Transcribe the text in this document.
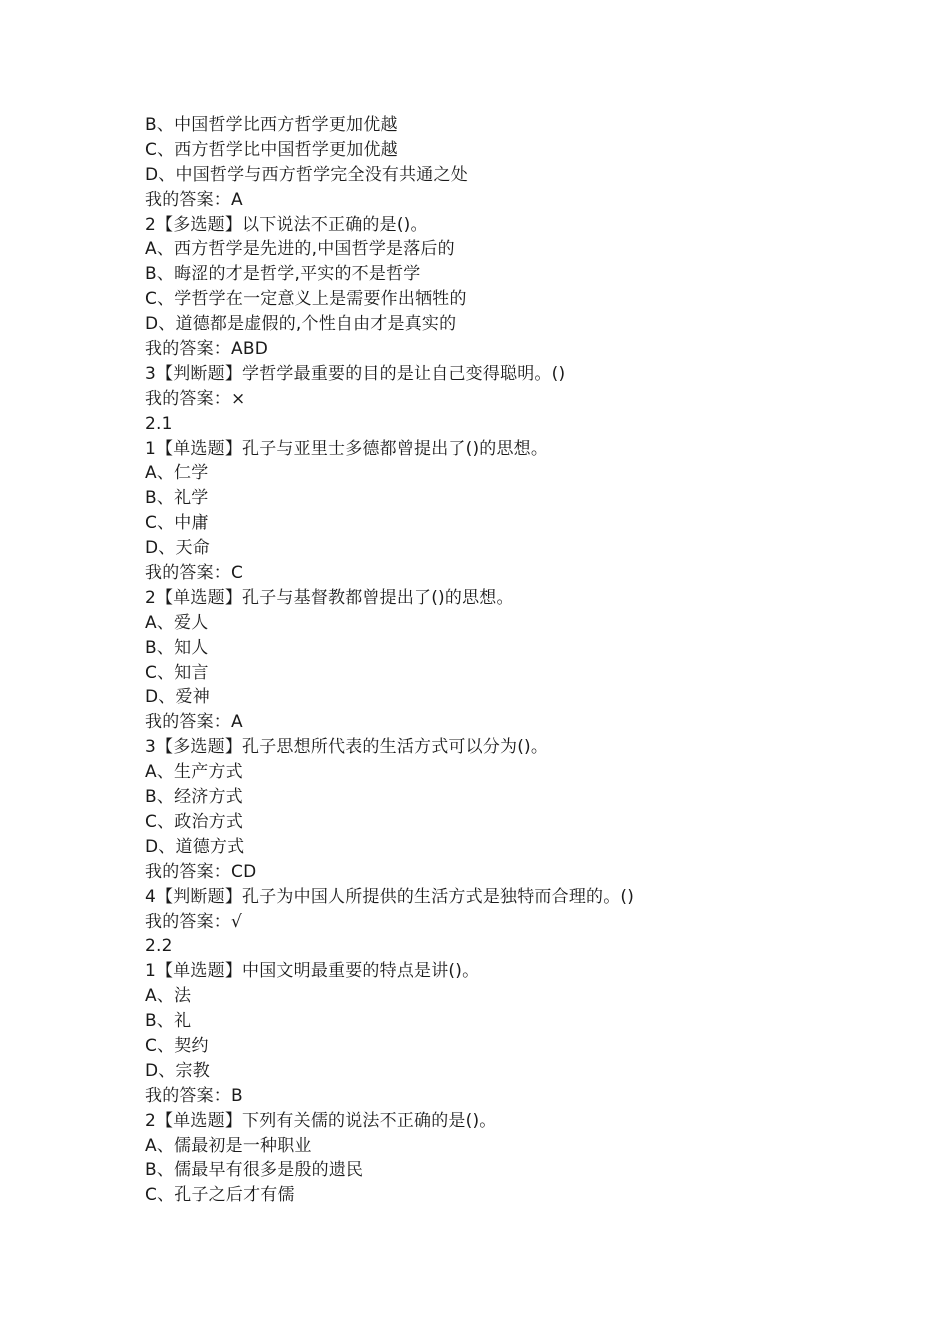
B、中国哲学比西方哲学更加优越
C、西方哲学比中国哲学更加优越
D、中国哲学与西方哲学完全没有共通之处
我的答案：A
2【多选题】以下说法不正确的是()。
A、西方哲学是先进的,中国哲学是落后的
B、晦涩的才是哲学,平实的不是哲学
C、学哲学在一定意义上是需要作出牺牲的
D、道德都是虚假的,个性自由才是真实的
我的答案：ABD
3【判断题】学哲学最重要的目的是让自己变得聪明。()
我的答案：×
2.1
1【单选题】孔子与亚里士多德都曾提出了()的思想。
A、仁学
B、礼学
C、中庸
D、天命
我的答案：C
2【单选题】孔子与基督教都曾提出了()的思想。
A、爱人
B、知人
C、知言
D、爱神
我的答案：A
3【多选题】孔子思想所代表的生活方式可以分为()。
A、生产方式
B、经济方式
C、政治方式
D、道德方式
我的答案：CD
4【判断题】孔子为中国人所提供的生活方式是独特而合理的。()
我的答案：√
2.2
1【单选题】中国文明最重要的特点是讲()。
A、法
B、礼
C、契约
D、宗教
我的答案：B
2【单选题】下列有关儒的说法不正确的是()。
A、儒最初是一种职业
B、儒最早有很多是殷的遗民
C、孔子之后才有儒
